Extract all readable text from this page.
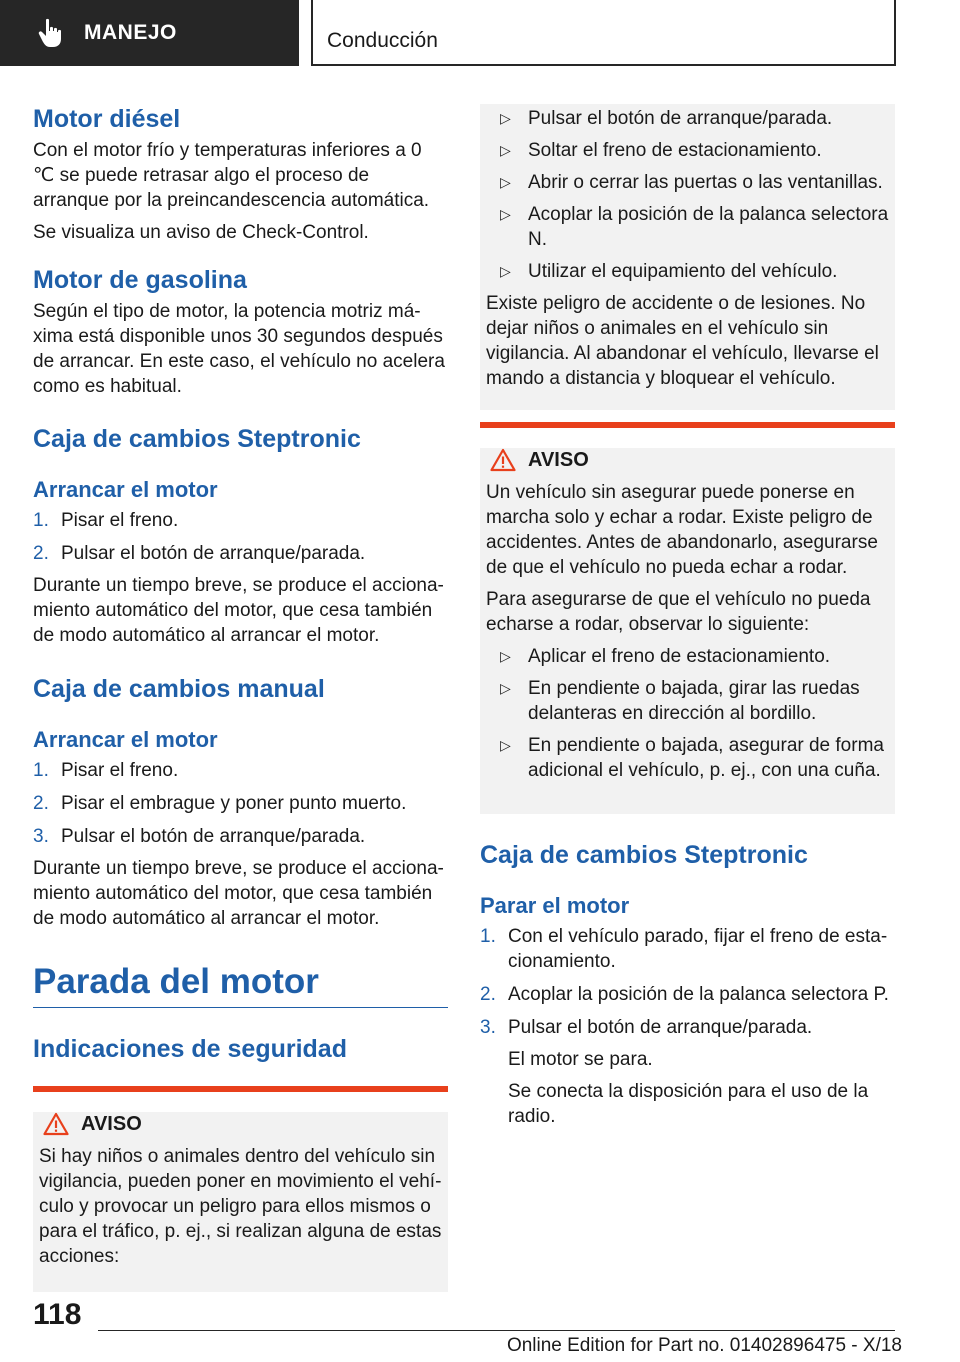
MANEJO	Conducción
Motor diésel
Con el motor frío y temperaturas inferiores a 0 ℃ se puede retrasar algo el proceso de arranque por la preincandescencia automática.
Se visualiza un aviso de Check-Control.
Motor de gasolina
Según el tipo de motor, la potencia motriz máxima está disponible unos 30 segundos después de arrancar. En este caso, el vehículo no acelera como es habitual.
Caja de cambios Steptronic
Arrancar el motor
1. Pisar el freno.
2. Pulsar el botón de arranque/parada.
Durante un tiempo breve, se produce el accionamiento automático del motor, que cesa también de modo automático al arrancar el motor.
Caja de cambios manual
Arrancar el motor
1. Pisar el freno.
2. Pisar el embrague y poner punto muerto.
3. Pulsar el botón de arranque/parada.
Durante un tiempo breve, se produce el accionamiento automático del motor, que cesa también de modo automático al arrancar el motor.
Parada del motor
Indicaciones de seguridad
AVISO
Si hay niños o animales dentro del vehículo sin vigilancia, pueden poner en movimiento el vehículo y provocar un peligro para ellos mismos o para el tráfico, p. ej., si realizan alguna de estas acciones:
▷ Pulsar el botón de arranque/parada.
▷ Soltar el freno de estacionamiento.
▷ Abrir o cerrar las puertas o las ventanillas.
▷ Acoplar la posición de la palanca selectora N.
▷ Utilizar el equipamiento del vehículo.
Existe peligro de accidente o de lesiones. No dejar niños o animales en el vehículo sin vigilancia. Al abandonar el vehículo, llevarse el mando a distancia y bloquear el vehículo.
AVISO
Un vehículo sin asegurar puede ponerse en marcha solo y echar a rodar. Existe peligro de accidentes. Antes de abandonarlo, asegurarse de que el vehículo no pueda echar a rodar.
Para asegurarse de que el vehículo no pueda echarse a rodar, observar lo siguiente:
▷ Aplicar el freno de estacionamiento.
▷ En pendiente o bajada, girar las ruedas delanteras en dirección al bordillo.
▷ En pendiente o bajada, asegurar de forma adicional el vehículo, p. ej., con una cuña.
Caja de cambios Steptronic
Parar el motor
1. Con el vehículo parado, fijar el freno de estacionamiento.
2. Acoplar la posición de la palanca selectora P.
3. Pulsar el botón de arranque/parada.
El motor se para.
Se conecta la disposición para el uso de la radio.
118
Online Edition for Part no. 01402896475 - X/18
